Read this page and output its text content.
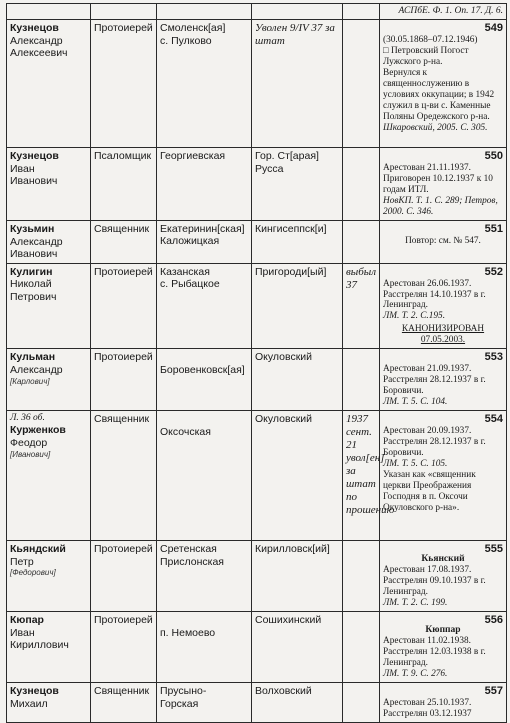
					АСПбЕ. Ф. 1. Оп. 17. Д. 6.
Кузнецов
Александр
Алексеевич	Протоиерей	Смоленск[ая]
с. Пулково	Уволен 9/IV 37 за штат		549
(30.05.1868–07.12.1946)
□ Петровский Погост Лужского р-на.
Вернулся к священнослужению в условиях оккупации; в 1942 служил в ц-ви с. Каменные Поляны Оредежского р-на.
Шкаровский, 2005. С. 305.

Кузнецов
Иван
Иванович	Псаломщик	Георгиевская	Гор. Ст[арая] Русса		550
Арестован 21.11.1937.
Приговорен 10.12.1937 к 10 годам ИТЛ.
НовКП. Т. 1. С. 289; Петров, 2000. С. 346.

Кузьмин
Александр
Иванович	Священник	Екатеринин[ская]
Каложицкая	Кингисеппск[и]		551
Повтор: см. № 547.

Кулигин
Николай
Петрович	Протоиерей	Казанская
с. Рыбацкое	Пригороди[ый]	выбыл 37	552
Арестован 26.06.1937.
Расстрелян 14.10.1937 в г. Ленинград.
ЛМ. Т. 2. С.195.
КАНОНИЗИРОВАН 07.05.2003.

Кульман
Александр
[Карлович]	Протоиерей	Боровенковск[ая]	Окуловский		553
Арестован 21.09.1937.
Расстрелян 28.12.1937 в г. Боровичи.
ЛМ. Т. 5. С. 104.

Л. 36 об.
Курженков
Феодор
[Иванович]	Священник	Оксочская	Окуловский	1937 сент. 21 увол[ен] за штат по прошению	554
Арестован 20.09.1937.
Расстрелян 28.12.1937 в г. Боровичи.
ЛМ. Т. 5. С. 105.
Указан как «священник церкви Преображения Господня в п. Оксочи Окуловского р-на».

Кьяндский
Петр
[Федорович]	Протоиерей	Сретенская
Прислонская	Кирилловск[ий]		555
Кьянский
Арестован 17.08.1937.
Расстрелян 09.10.1937 в г. Ленинград.
ЛМ. Т. 2. С. 199.

Кюпар
Иван
Кириллович	Протоиерей	п. Немоево	Сошихинский		556
Кюппар
Арестован 11.02.1938.
Расстрелян 12.03.1938 в г. Ленинград.
ЛМ. Т. 9. С. 276.

Кузнецов
Михаил	Священник	Прусыно-
Горская	Волховский		557
Арестован 25.10.1937.
Расстрелян 03.12.1937
